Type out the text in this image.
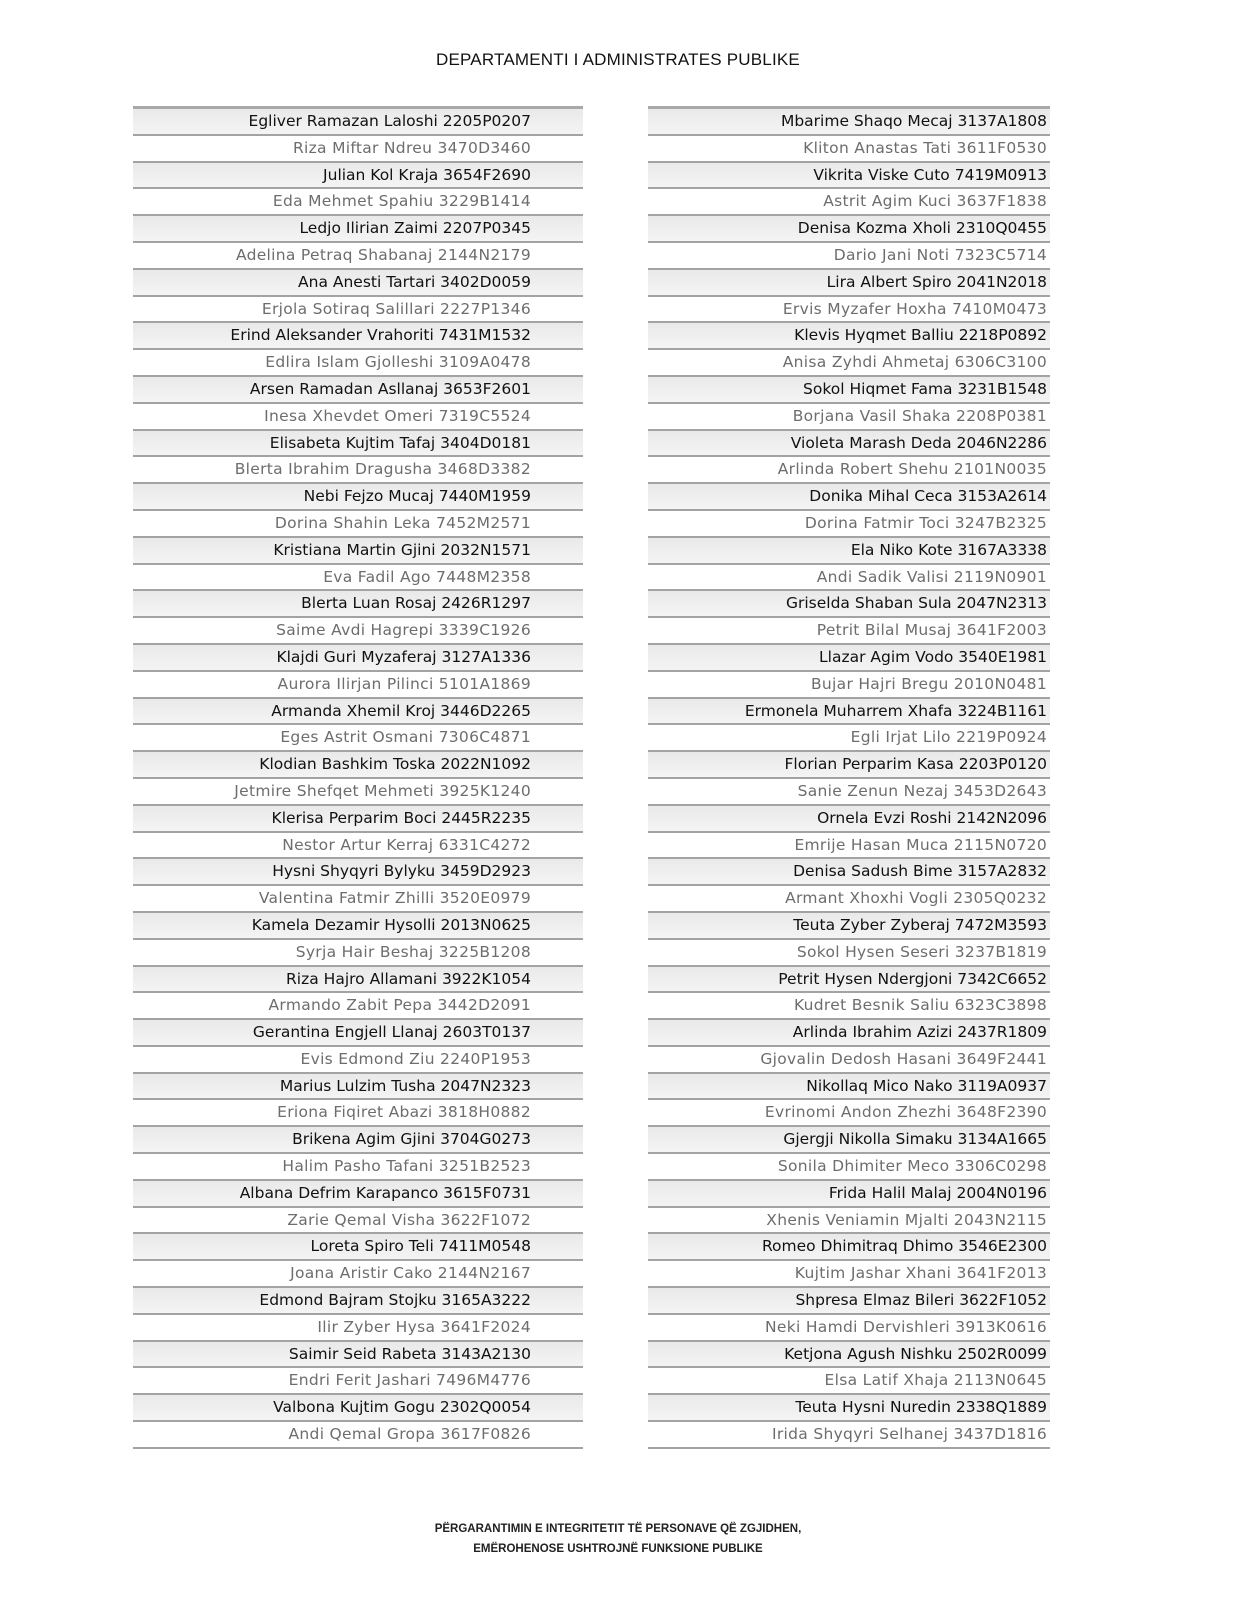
DEPARTAMENTI I ADMINISTRATES PUBLIKE
Egliver Ramazan Laloshi 2205P0207
Riza Miftar Ndreu 3470D3460
Julian Kol Kraja 3654F2690
Eda Mehmet Spahiu 3229B1414
Ledjo Ilirian Zaimi 2207P0345
Adelina Petraq Shabanaj 2144N2179
Ana Anesti Tartari 3402D0059
Erjola Sotiraq Salillari 2227P1346
Erind Aleksander Vrahoriti 7431M1532
Edlira Islam Gjolleshi 3109A0478
Arsen Ramadan Asllanaj 3653F2601
Inesa Xhevdet Omeri 7319C5524
Elisabeta Kujtim Tafaj 3404D0181
Blerta Ibrahim Dragusha 3468D3382
Nebi Fejzo Mucaj 7440M1959
Dorina Shahin Leka 7452M2571
Kristiana Martin Gjini 2032N1571
Eva Fadil Ago 7448M2358
Blerta Luan Rosaj 2426R1297
Saime Avdi Hagrepi 3339C1926
Klajdi Guri Myzaferaj 3127A1336
Aurora Ilirjan Pilinci 5101A1869
Armanda Xhemil Kroj 3446D2265
Eges Astrit Osmani 7306C4871
Klodian Bashkim Toska 2022N1092
Jetmire Shefqet Mehmeti 3925K1240
Klerisa Perparim Boci 2445R2235
Nestor Artur Kerraj 6331C4272
Hysni Shyqyri Bylyku 3459D2923
Valentina Fatmir Zhilli 3520E0979
Kamela Dezamir Hysolli 2013N0625
Syrja Hair Beshaj 3225B1208
Riza Hajro Allamani 3922K1054
Armando Zabit Pepa 3442D2091
Gerantina Engjell Llanaj 2603T0137
Evis Edmond Ziu 2240P1953
Marius Lulzim Tusha 2047N2323
Eriona Fiqiret Abazi 3818H0882
Brikena Agim Gjini 3704G0273
Halim Pasho Tafani 3251B2523
Albana Defrim Karapanco 3615F0731
Zarie Qemal Visha 3622F1072
Loreta Spiro Teli 7411M0548
Joana Aristir Cako 2144N2167
Edmond Bajram Stojku 3165A3222
Ilir Zyber Hysa 3641F2024
Saimir Seid Rabeta 3143A2130
Endri Ferit Jashari 7496M4776
Valbona Kujtim Gogu 2302Q0054
Andi Qemal Gropa 3617F0826
Mbarime Shaqo Mecaj 3137A1808
Kliton Anastas Tati 3611F0530
Vikrita Viske Cuto 7419M0913
Astrit Agim Kuci 3637F1838
Denisa Kozma Xholi 2310Q0455
Dario Jani Noti 7323C5714
Lira Albert Spiro 2041N2018
Ervis Myzafer Hoxha 7410M0473
Klevis Hyqmet Balliu 2218P0892
Anisa Zyhdi Ahmetaj 6306C3100
Sokol Hiqmet Fama 3231B1548
Borjana Vasil Shaka 2208P0381
Violeta Marash Deda 2046N2286
Arlinda Robert Shehu 2101N0035
Donika Mihal Ceca 3153A2614
Dorina Fatmir Toci 3247B2325
Ela Niko Kote 3167A3338
Andi Sadik Valisi 2119N0901
Griselda Shaban Sula 2047N2313
Petrit Bilal Musaj 3641F2003
Llazar Agim Vodo 3540E1981
Bujar Hajri Bregu 2010N0481
Ermonela Muharrem Xhafa 3224B1161
Egli Irjat Lilo 2219P0924
Florian Perparim Kasa 2203P0120
Sanie Zenun Nezaj 3453D2643
Ornela Evzi Roshi 2142N2096
Emrije Hasan Muca 2115N0720
Denisa Sadush Bime 3157A2832
Armant Xhoxhi Vogli 2305Q0232
Teuta Zyber Zyberaj 7472M3593
Sokol Hysen Seseri 3237B1819
Petrit Hysen Ndergjoni 7342C6652
Kudret Besnik Saliu 6323C3898
Arlinda Ibrahim Azizi 2437R1809
Gjovalin Dedosh Hasani 3649F2441
Nikollaq Mico Nako 3119A0937
Evrinomi Andon Zhezhi 3648F2390
Gjergji Nikolla Simaku 3134A1665
Sonila Dhimiter Meco 3306C0298
Frida Halil Malaj 2004N0196
Xhenis Veniamin Mjalti 2043N2115
Romeo Dhimitraq Dhimo 3546E2300
Kujtim Jashar Xhani 3641F2013
Shpresa Elmaz Bileri 3622F1052
Neki Hamdi Dervishleri 3913K0616
Ketjona Agush Nishku 2502R0099
Elsa Latif Xhaja 2113N0645
Teuta Hysni Nuredin 2338Q1889
Irida Shyqyri Selhanej 3437D1816
PËRGARANTIMIN E INTEGRITETIT TË PERSONAVE QË ZGJIDHEN,
EMËROHENOSE USHTROJNË FUNKSIONE PUBLIKE
